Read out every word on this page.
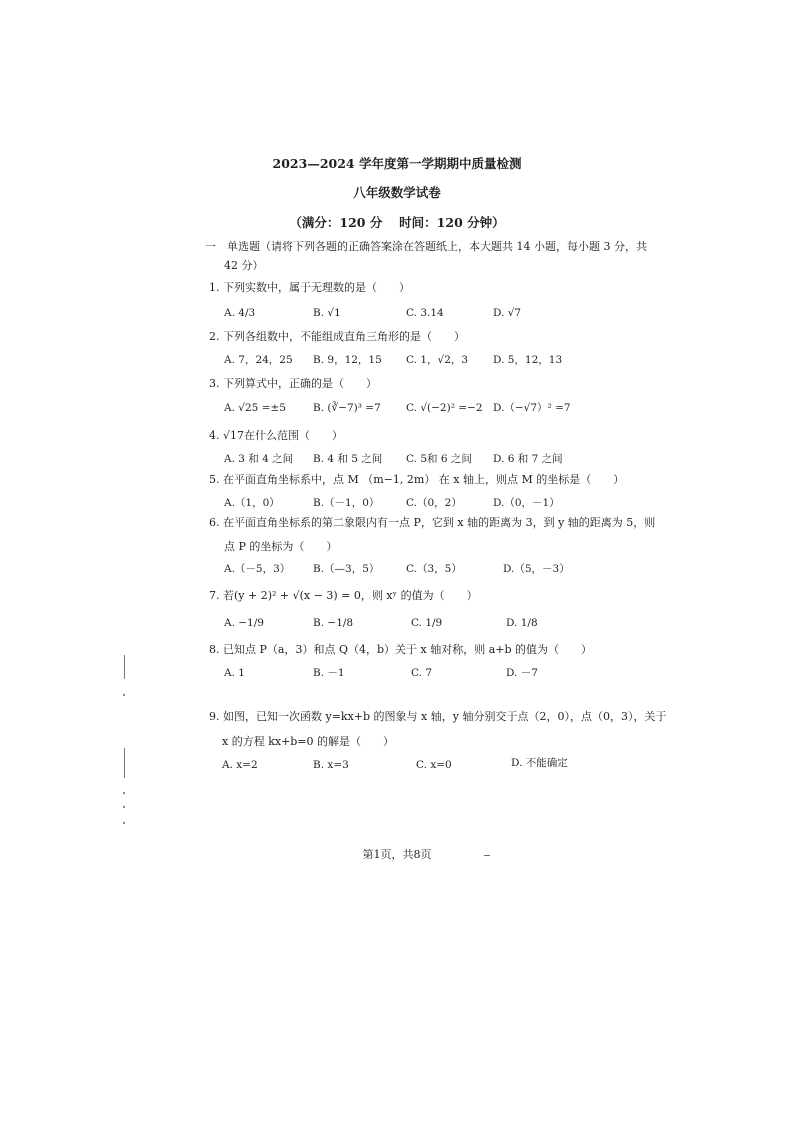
2023—2024 学年度第一学期期中质量检测
八年级数学试卷
（满分：120 分　 时间：120 分钟）
一　单选题（请将下列各题的正确答案涂在答题纸上，本大题共 14 小题，每小题 3 分，共
42 分）
1. 下列实数中，属于无理数的是（　　）
A. 4/3	B. √1	C. 3.14	D. √7
2. 下列各组数中，不能组成直角三角形的是（　　）
A. 7，24，25 B. 9，12，15 C. 1，√2，3 D. 5，12，13
3. 下列算式中，正确的是（　　）
A. √25 =±5	B. (∛−7)³ =7 C. √(−2)² =−2 D.（−√7）² =7
4. √17在什么范围（　　）
A. 3 和 4 之间 B. 4 和 5 之间 C. 5和 6 之间 D. 6 和 7 之间
5. 在平面直角坐标系中，点 M （m−1, 2m） 在 x 轴上，则点 M 的坐标是（　　）
A.（1，0）	B.（－1，0）	C.（0，2）	D.（0，－1）
6. 在平面直角坐标系的第二象限内有一点 P，它到 x 轴的距离为 3，到 y 轴的距离为 5，则
点 P 的坐标为（　　）
A.（－5，3） B.（—3，5）	C.（3，5）	D.（5，－3）
7. 若(y + 2)² + √(x − 3) = 0，则 xʸ 的值为（　　）
A. −1/9	B. −1/8	C. 1/9	D. 1/8
8. 已知点 P（a，3）和点 Q（4，b）关于 x 轴对称，则 a+b 的值为（　　）
A. 1	B. －1	C. 7	D. －7
9. 如图，已知一次函数 y=kx+b 的图象与 x 轴，y 轴分别交于点（2，0），点（0，3），关于
x 的方程 kx+b=0 的解是（　　）
A. x=2	B. x=3	C. x=0	D. 不能确定
第1页，共8页
